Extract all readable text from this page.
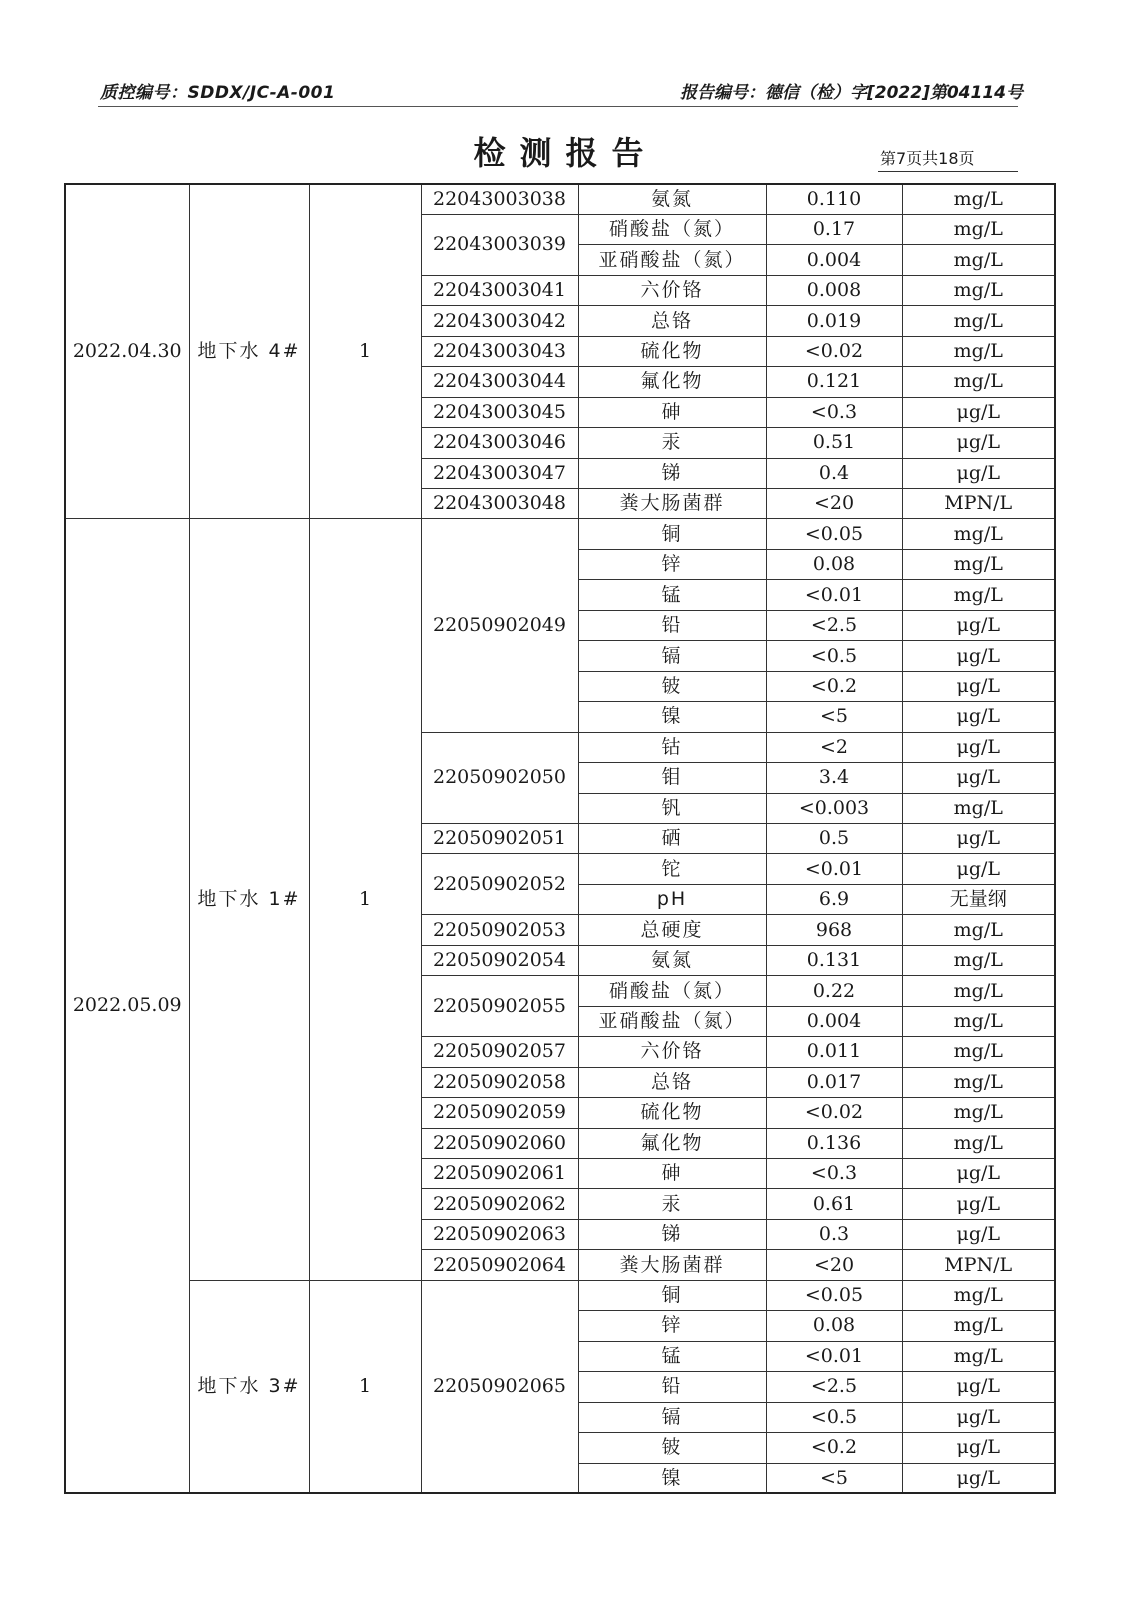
质控编号：SDDX/JC-A-001	报告编号：德信（检）字[2022]第04114号
检测报告	第7页共18页
2022.04.30	地下水 4#	1	22043003038	氨氮	0.110	mg/L
			22043003039	硝酸盐（氮）	0.17	mg/L
				亚硝酸盐（氮）	0.004	mg/L
			22043003041	六价铬	0.008	mg/L
			22043003042	总铬	0.019	mg/L
			22043003043	硫化物	<0.02	mg/L
			22043003044	氟化物	0.121	mg/L
			22043003045	砷	<0.3	μg/L
			22043003046	汞	0.51	μg/L
			22043003047	锑	0.4	μg/L
			22043003048	粪大肠菌群	<20	MPN/L
2022.05.09	地下水 1#	1	22050902049	铜	<0.05	mg/L
				锌	0.08	mg/L
				锰	<0.01	mg/L
				铅	<2.5	μg/L
				镉	<0.5	μg/L
				铍	<0.2	μg/L
				镍	<5	μg/L
			22050902050	钴	<2	μg/L
				钼	3.4	μg/L
				钒	<0.003	mg/L
			22050902051	硒	0.5	μg/L
			22050902052	铊	<0.01	μg/L
				pH	6.9	无量纲
			22050902053	总硬度	968	mg/L
			22050902054	氨氮	0.131	mg/L
			22050902055	硝酸盐（氮）	0.22	mg/L
				亚硝酸盐（氮）	0.004	mg/L
			22050902057	六价铬	0.011	mg/L
			22050902058	总铬	0.017	mg/L
			22050902059	硫化物	<0.02	mg/L
			22050902060	氟化物	0.136	mg/L
			22050902061	砷	<0.3	μg/L
			22050902062	汞	0.61	μg/L
			22050902063	锑	0.3	μg/L
			22050902064	粪大肠菌群	<20	MPN/L
	地下水 3#	1	22050902065	铜	<0.05	mg/L
				锌	0.08	mg/L
				锰	<0.01	mg/L
				铅	<2.5	μg/L
				镉	<0.5	μg/L
				铍	<0.2	μg/L
				镍	<5	μg/L
